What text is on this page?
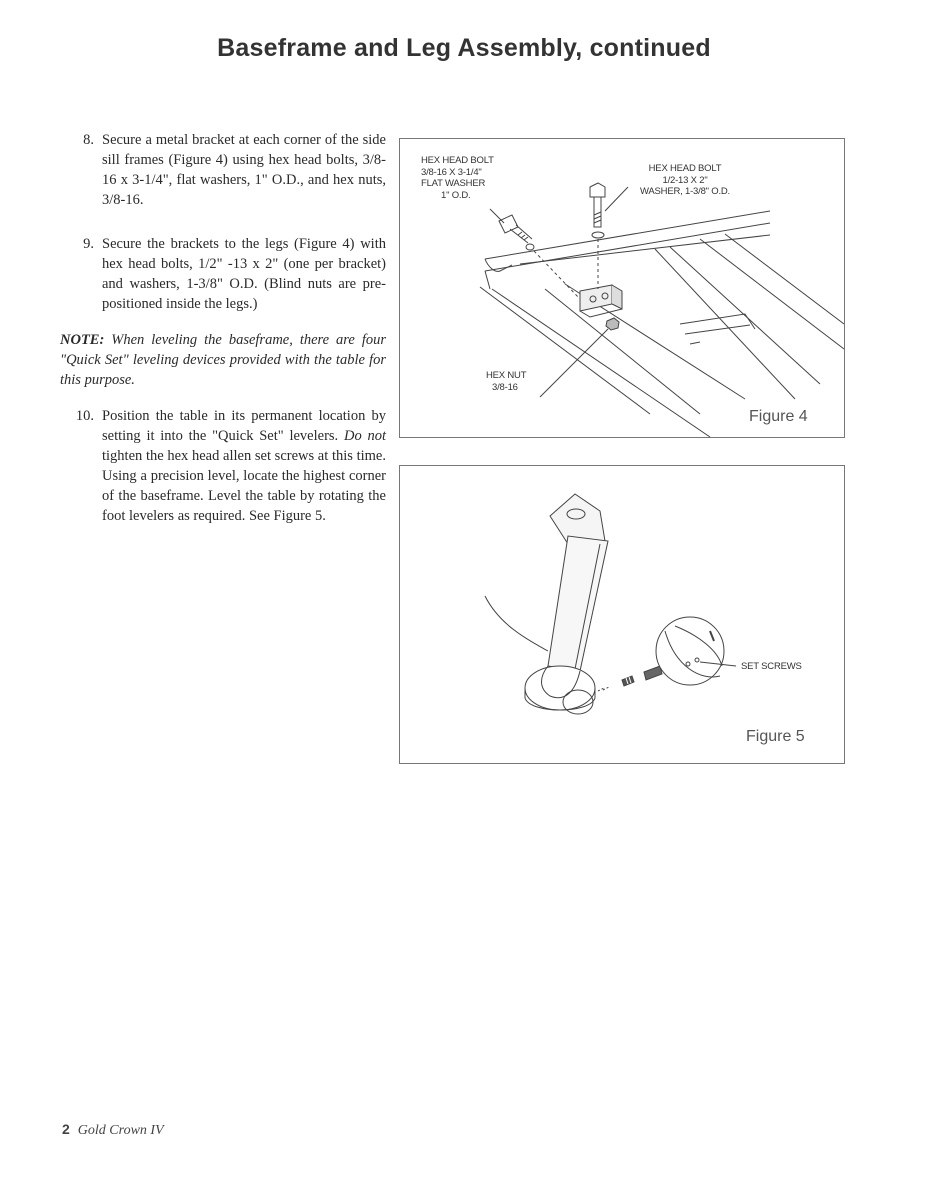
Baseframe and Leg Assembly, continued
8. Secure a metal bracket at each corner of the side sill frames (Figure 4) using hex head bolts, 3/8-16 x 3-1/4", flat washers, 1" O.D., and hex nuts, 3/8-16.
9. Secure the brackets to the legs (Figure 4) with hex head bolts, 1/2" -13 x 2" (one per bracket) and washers, 1-3/8" O.D. (Blind nuts are pre-positioned inside the legs.)
NOTE: When leveling the baseframe, there are four "Quick Set" leveling devices provided with the table for this purpose.
10. Position the table in its permanent location by setting it into the "Quick Set" levelers. Do not tighten the hex head allen set screws at this time. Using a precision level, locate the highest corner of the baseframe. Level the table by rotating the foot levelers as required. See Figure 5.
HEX HEAD BOLT
3/8-16 X 3-1/4"
FLAT WASHER
1" O.D.
HEX HEAD BOLT
1/2-13 X 2"
WASHER, 1-3/8" O.D.
HEX NUT
3/8-16
Figure 4
SET SCREWS
Figure 5
2 Gold Crown IV
